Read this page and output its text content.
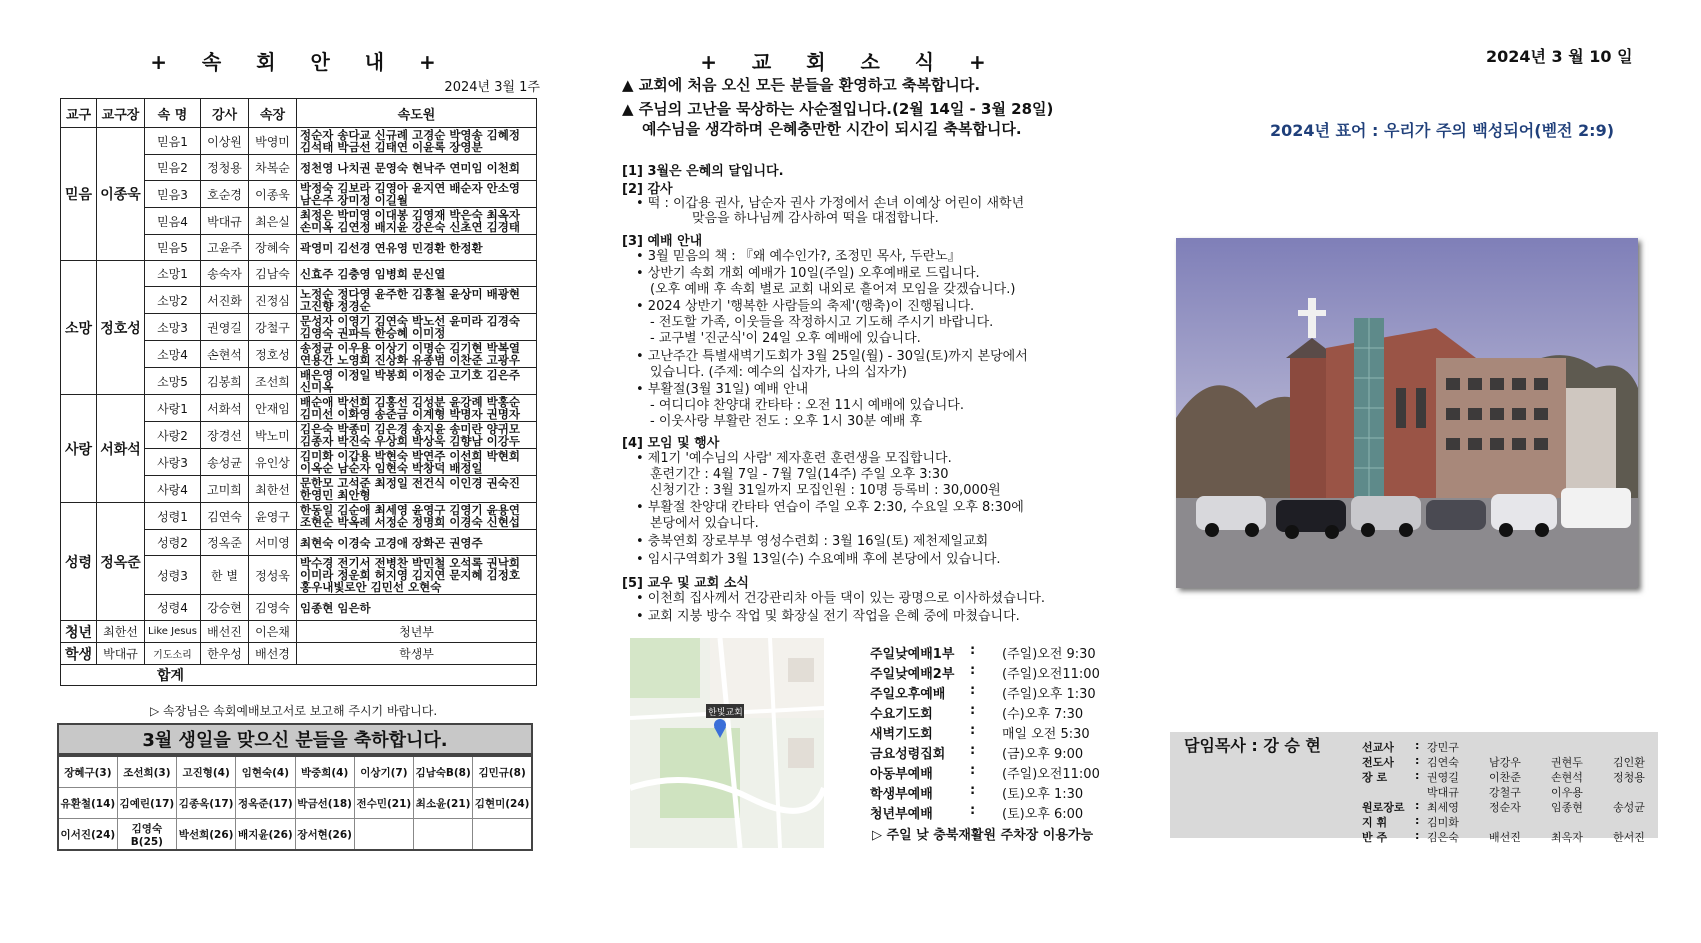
+ 속 회 안 내 +
2024년 3월 1주
교구	교구장	속 명	강사	속장	속도원
믿음	이종욱	믿음1	이상원	박영미	정순자 송다교 신규례 고경순 박영송 김혜정 김석태 박금선 김태연 이윤록 장영분
		믿음2	정청용	차복순	정천영 나치권 문영숙 현낙주 연미임 이천희
		믿음3	호순경	이종욱	박정숙 김보라 김영아 윤지연 배순자 안소영 남은주 장미정 이길월
		믿음4	박대규	최은실	최정은 박미영 이대봉 김영재 박은숙 최옥자 손미옥 김연정 배지윤 강은숙 신초연 김경태
		믿음5	고윤주	장혜숙	곽영미 김선경 연유영 민경환 한정환
소망	정호성	소망1	송숙자	김남숙	신효주 김충영 임병희 문신열
		소망2	서진화	진정심	노정순 정다영 윤주한 김홍철 윤상미 배광현 고진향 정경순
		소망3	권영길	강철구	문성자 이영기 김연숙 박노선 윤미라 김경숙 김영숙 권파득 한승혜 이미정
		소망4	손현석	정호성	송정균 이우용 이상기 이명순 김기현 박복열 연용간 노영희 진상화 유종범 이찬준 고광우
		소망5	김봉희	조선희	배은영 이정일 박봉희 이정순 고기호 김은주 신미옥
사랑	서화석	사랑1	서화석	안재임	배순애 박선희 김홍선 김성분 윤강례 박홍순 김미선 이화영 송준금 이계형 박명자 권명자
		사랑2	장경선	박노미	김은숙 박종미 김은경 송지윤 송미란 양귀모 김종자 박진숙 우상희 박상욱 김향남 이강두
		사랑3	송성균	유인상	김미화 이갑용 박현숙 박연주 이선희 박현희 이옥순 남순자 임현숙 박창덕 배정일
		사랑4	고미희	최한선	문한모 고석준 최정일 전건식 이인경 권숙진 한영민 최안형
성령	정옥준	성령1	김연숙	윤영구	한동일 김순애 최세영 윤영구 김영기 윤용연 조현순 박옥례 서정순 정명희 이경숙 신현섭
		성령2	정옥준	서미영	최현숙 이경숙 고경애 장화곤 권영주
		성령3	한 별	정성욱	박수경 전기서 전병찬 박민철 오석록 권낙희 이미라 정운희 허지영 김지연 문지혜 김정호 홍우내빛로안 김민선 오현숙
		성령4	강승현	김영숙	임종현 임은하
청년	최한선	Like Jesus	배선진	이은채	청년부
학생	박대규	기도소리	한우성	배선경	학생부
합계					
▷ 속장님은 속회예배보고서로 보고해 주시기 바랍니다.
3월 생일을 맞으신 분들을 축하합니다.
장혜구(3)	조선희(3)	고진형(4)	임현숙(4)	박중희(4)	이상기(7)	김남숙B(8)	김민규(8)
유환철(14)	김예린(17)	김종옥(17)	정옥준(17)	박금선(18)	전수민(21)	최소윤(21)	김현미(24)
이서진(24)	김영숙B(25)	박선희(26)	배지윤(26)	장서현(26)			
+ 교 회 소 식 +
▲ 교회에 처음 오신 모든 분들을 환영하고 축복합니다.
▲ 주님의 고난을 묵상하는 사순절입니다.(2월 14일 - 3월 28일)
예수님을 생각하며 은혜충만한 시간이 되시길 축복합니다.
[1] 3월은 은혜의 달입니다.
[2] 감사
• 떡 : 이갑용 권사, 남순자 권사 가정에서 손녀 이예상 어린이 새학년
맞음을 하나님께 감사하여 떡을 대접합니다.
[3] 예배 안내
• 3월 믿음의 책 : 『왜 예수인가?, 조정민 목사, 두란노』
• 상반기 속회 개회 예배가 10일(주일) 오후예배로 드립니다.
(오후 예배 후 속회 별로 교회 내외로 흩어져 모임을 갖겠습니다.)
• 2024 상반기 '행복한 사람들의 축제'(행축)이 진행됩니다.
- 전도할 가족, 이웃들을 작정하시고 기도해 주시기 바랍니다.
- 교구별 '진군식'이 24일 오후 예배에 있습니다.
• 고난주간 특별새벽기도회가 3월 25일(월) - 30일(토)까지 본당에서
있습니다. (주제: 예수의 십자가, 나의 십자가)
• 부활절(3월 31일) 예배 안내
- 여디디야 찬양대 칸타타 : 오전 11시 예배에 있습니다.
- 이웃사랑 부활란 전도 : 오후 1시 30분 예배 후
[4] 모임 및 행사
• 제1기 '예수님의 사람' 제자훈련 훈련생을 모집합니다.
훈련기간 : 4월 7일 - 7월 7일(14주) 주일 오후 3:30
신청기간 : 3월 31일까지 모집인원 : 10명 등록비 : 30,000원
• 부활절 찬양대 칸타타 연습이 주일 오후 2:30, 수요일 오후 8:30에
본당에서 있습니다.
• 충북연회 장로부부 영성수련회 : 3월 16일(토) 제천제일교회
• 임시구역회가 3월 13일(수) 수요예배 후에 본당에서 있습니다.
[5] 교우 및 교회 소식
• 이천희 집사께서 건강관리차 아들 댁이 있는 광명으로 이사하셨습니다.
• 교회 지붕 방수 작업 및 화장실 전기 작업을 은혜 중에 마쳤습니다.
한빛교회
주일낮예배1부	: (주일)오전 9:30
주일낮예배2부	: (주일)오전11:00
주일오후예배	: (주일)오후 1:30
수요기도회	: (수)오후 7:30
새벽기도회	: 매일 오전 5:30
금요성령집회	: (금)오후 9:00
아동부예배	: (주일)오전11:00
학생부예배	: (토)오후 1:30
청년부예배	: (토)오후 6:00
▷ 주일 낮 충북재활원 주차장 이용가능
2024년 3 월 10 일
2024년 표어 : 우리가 주의 백성되어(벧전 2:9)
담임목사 : 강 승 현	선교사 : 강민구
전도사 : 김연숙	남강우	권현두	김인환
장 로	: 권영길	이찬준	손현석	정청용
박대규	강철구	이우용
원로장로 : 최세영	정순자	임종현	송성균
지 휘	: 김미화
반 주	: 김은숙	배선진	최옥자	한서진
